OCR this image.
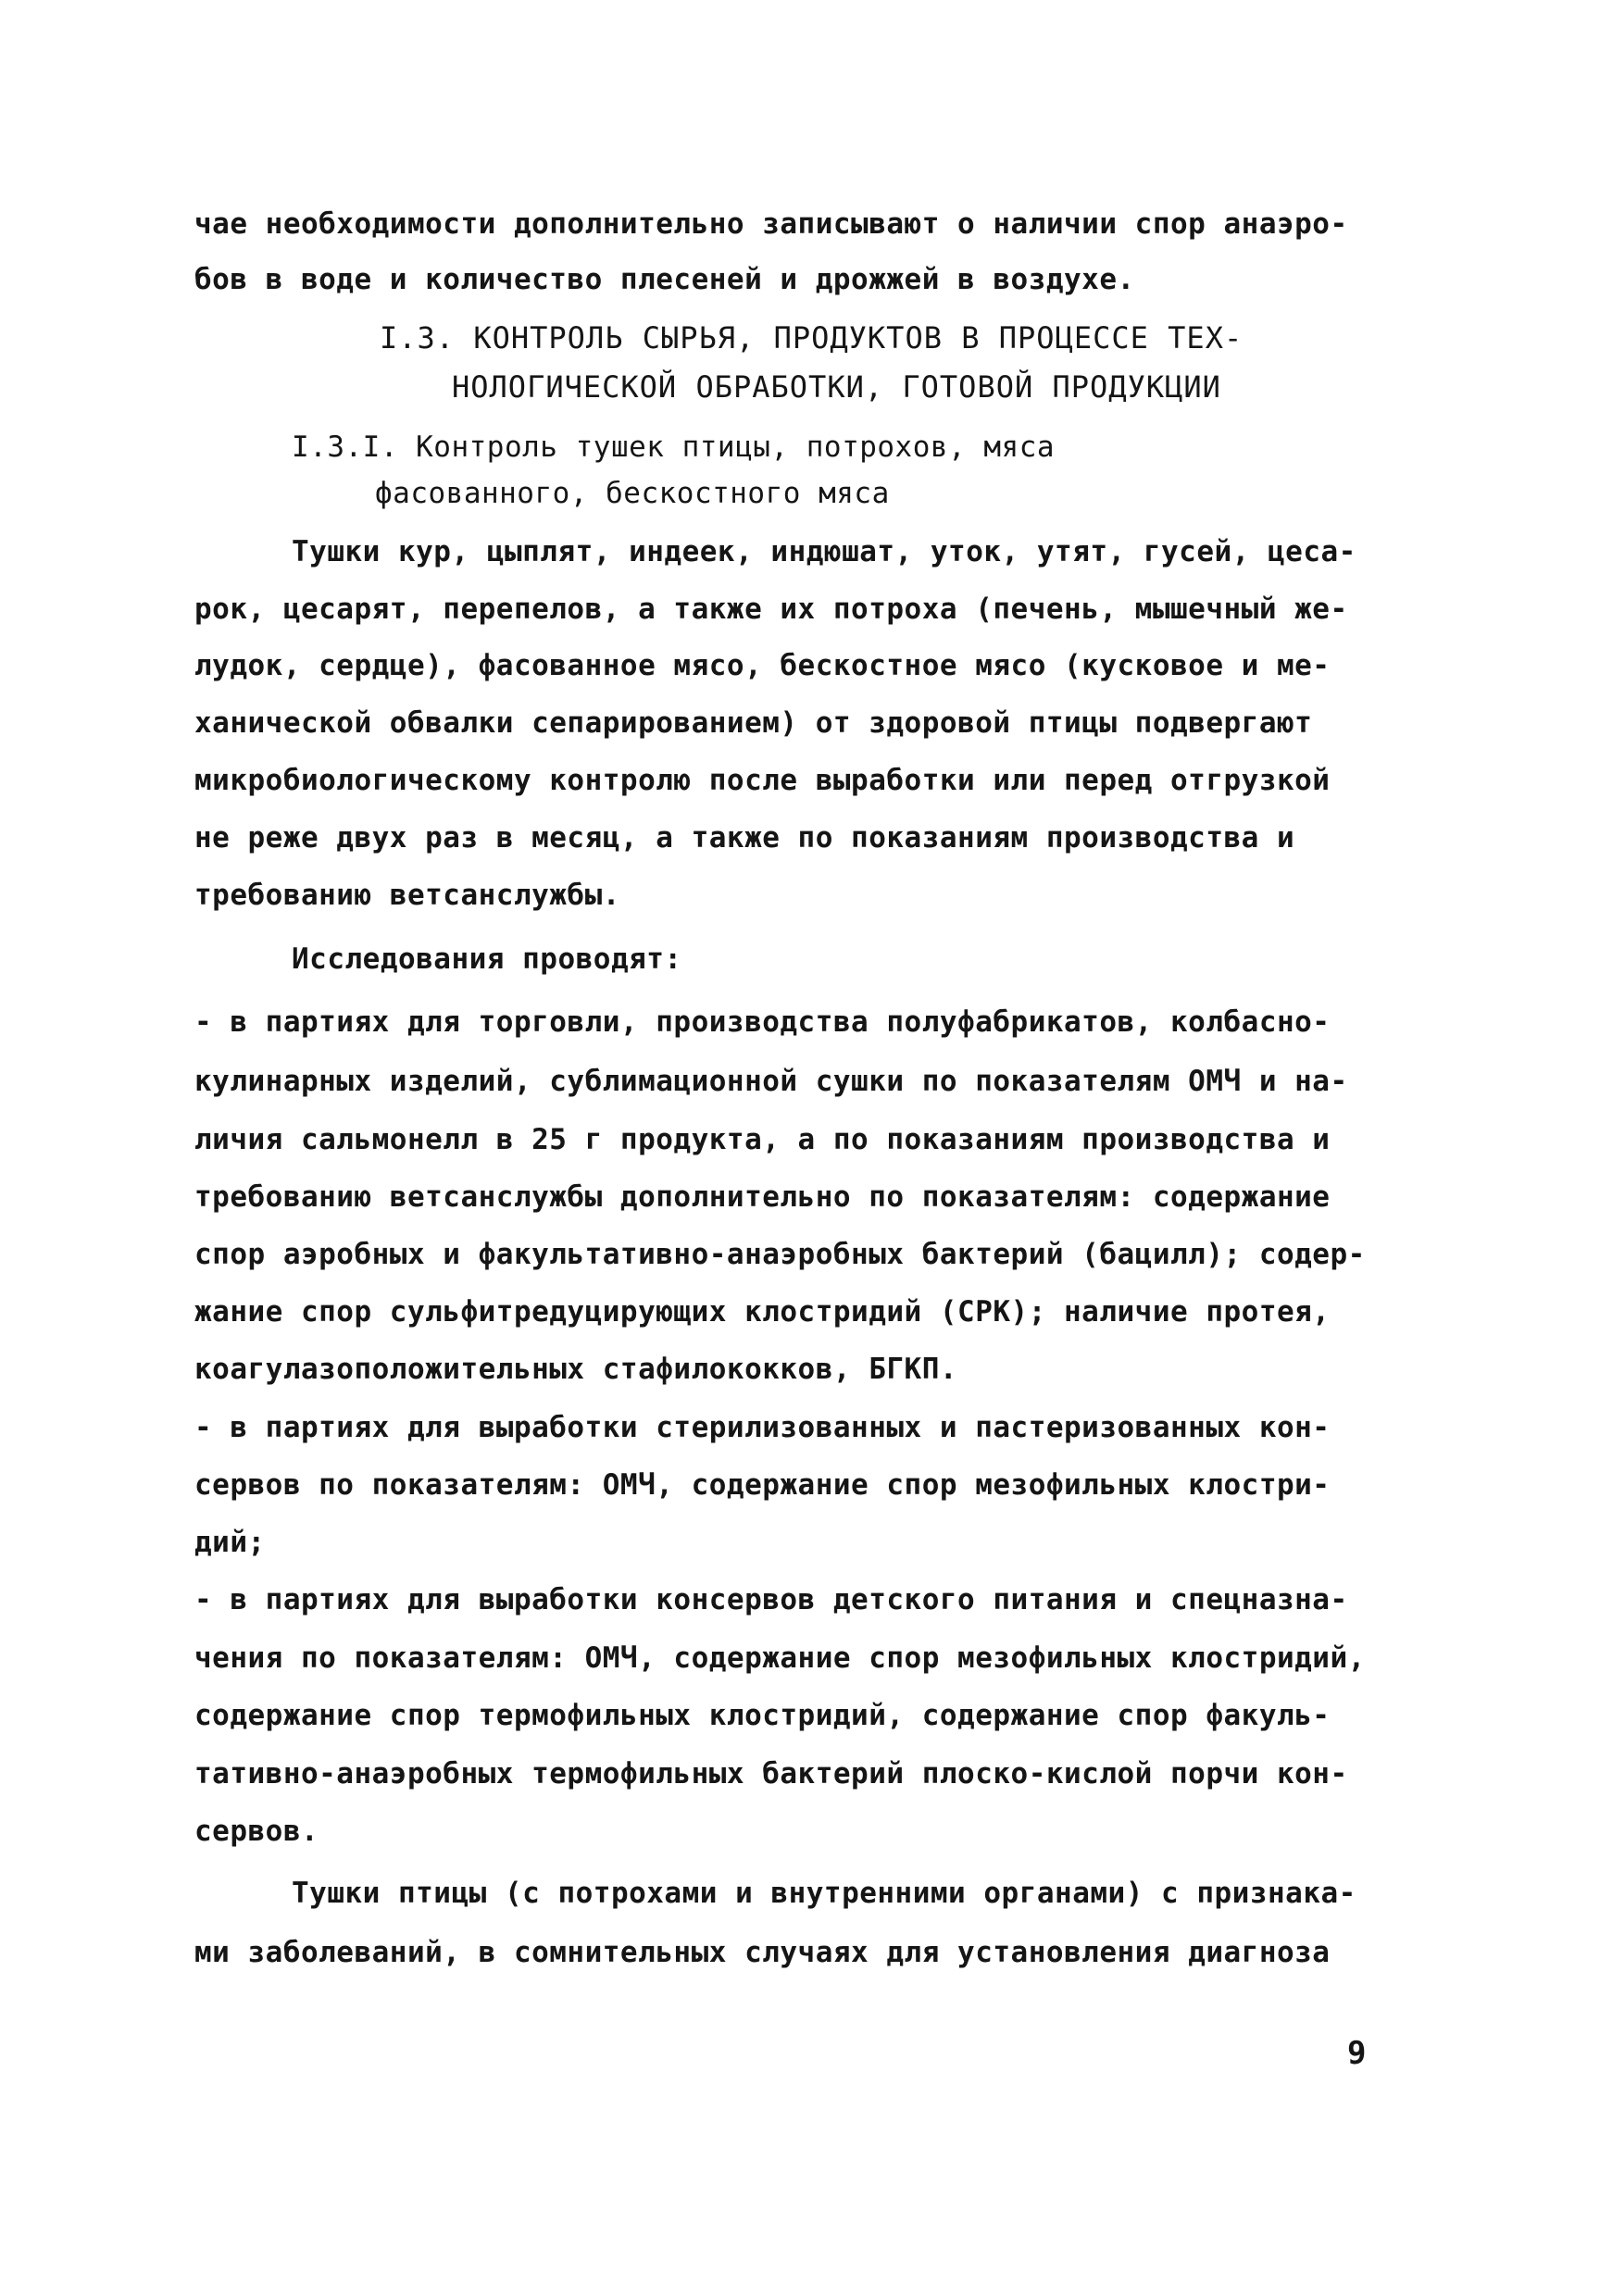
чае необходимости дополнительно записывают о наличии спор анаэро-
бов в воде и количество плесеней и дрожжей в воздухе.
I.3. КОНТРОЛЬ СЫРЬЯ, ПРОДУКТОВ В ПРОЦЕССЕ ТЕХ-
НОЛОГИЧЕСКОЙ ОБРАБОТКИ, ГОТОВОЙ ПРОДУКЦИИ
I.3.I. Контроль тушек птицы, потрохов, мяса
фасованного, бескостного мяса
Тушки кур, цыплят, индеек, индюшат, уток, утят, гусей, цеса-
рок, цесарят, перепелов, а также их потроха (печень, мышечный же-
лудок, сердце), фасованное мясо, бескостное мясо (кусковое и ме-
ханической обвалки сепарированием) от здоровой птицы подвергают
микробиологическому контролю после выработки или перед отгрузкой
не реже двух раз в месяц, а также по показаниям производства и
требованию ветсанслужбы.
Исследования проводят:
- в партиях для торговли, производства полуфабрикатов, колбасно-
кулинарных изделий, сублимационной сушки по показателям ОМЧ и на-
личия сальмонелл в 25 г продукта, а по показаниям производства и
требованию ветсанслужбы дополнительно по показателям: содержание
спор аэробных и факультативно-анаэробных бактерий (бацилл); содер-
жание спор сульфитредуцирующих клостридий (СРК); наличие протея,
коагулазоположительных стафилококков, БГКП.
- в партиях для выработки стерилизованных и пастеризованных кон-
сервов по показателям: ОМЧ, содержание спор мезофильных клостри-
дий;
- в партиях для выработки консервов детского питания и спецназна-
чения по показателям: ОМЧ, содержание спор мезофильных клостридий,
содержание спор термофильных клостридий, содержание спор факуль-
тативно-анаэробных термофильных бактерий плоско-кислой порчи кон-
сервов.
Тушки птицы (с потрохами и внутренними органами) с признака-
ми заболеваний, в сомнительных случаях для установления диагноза
9
